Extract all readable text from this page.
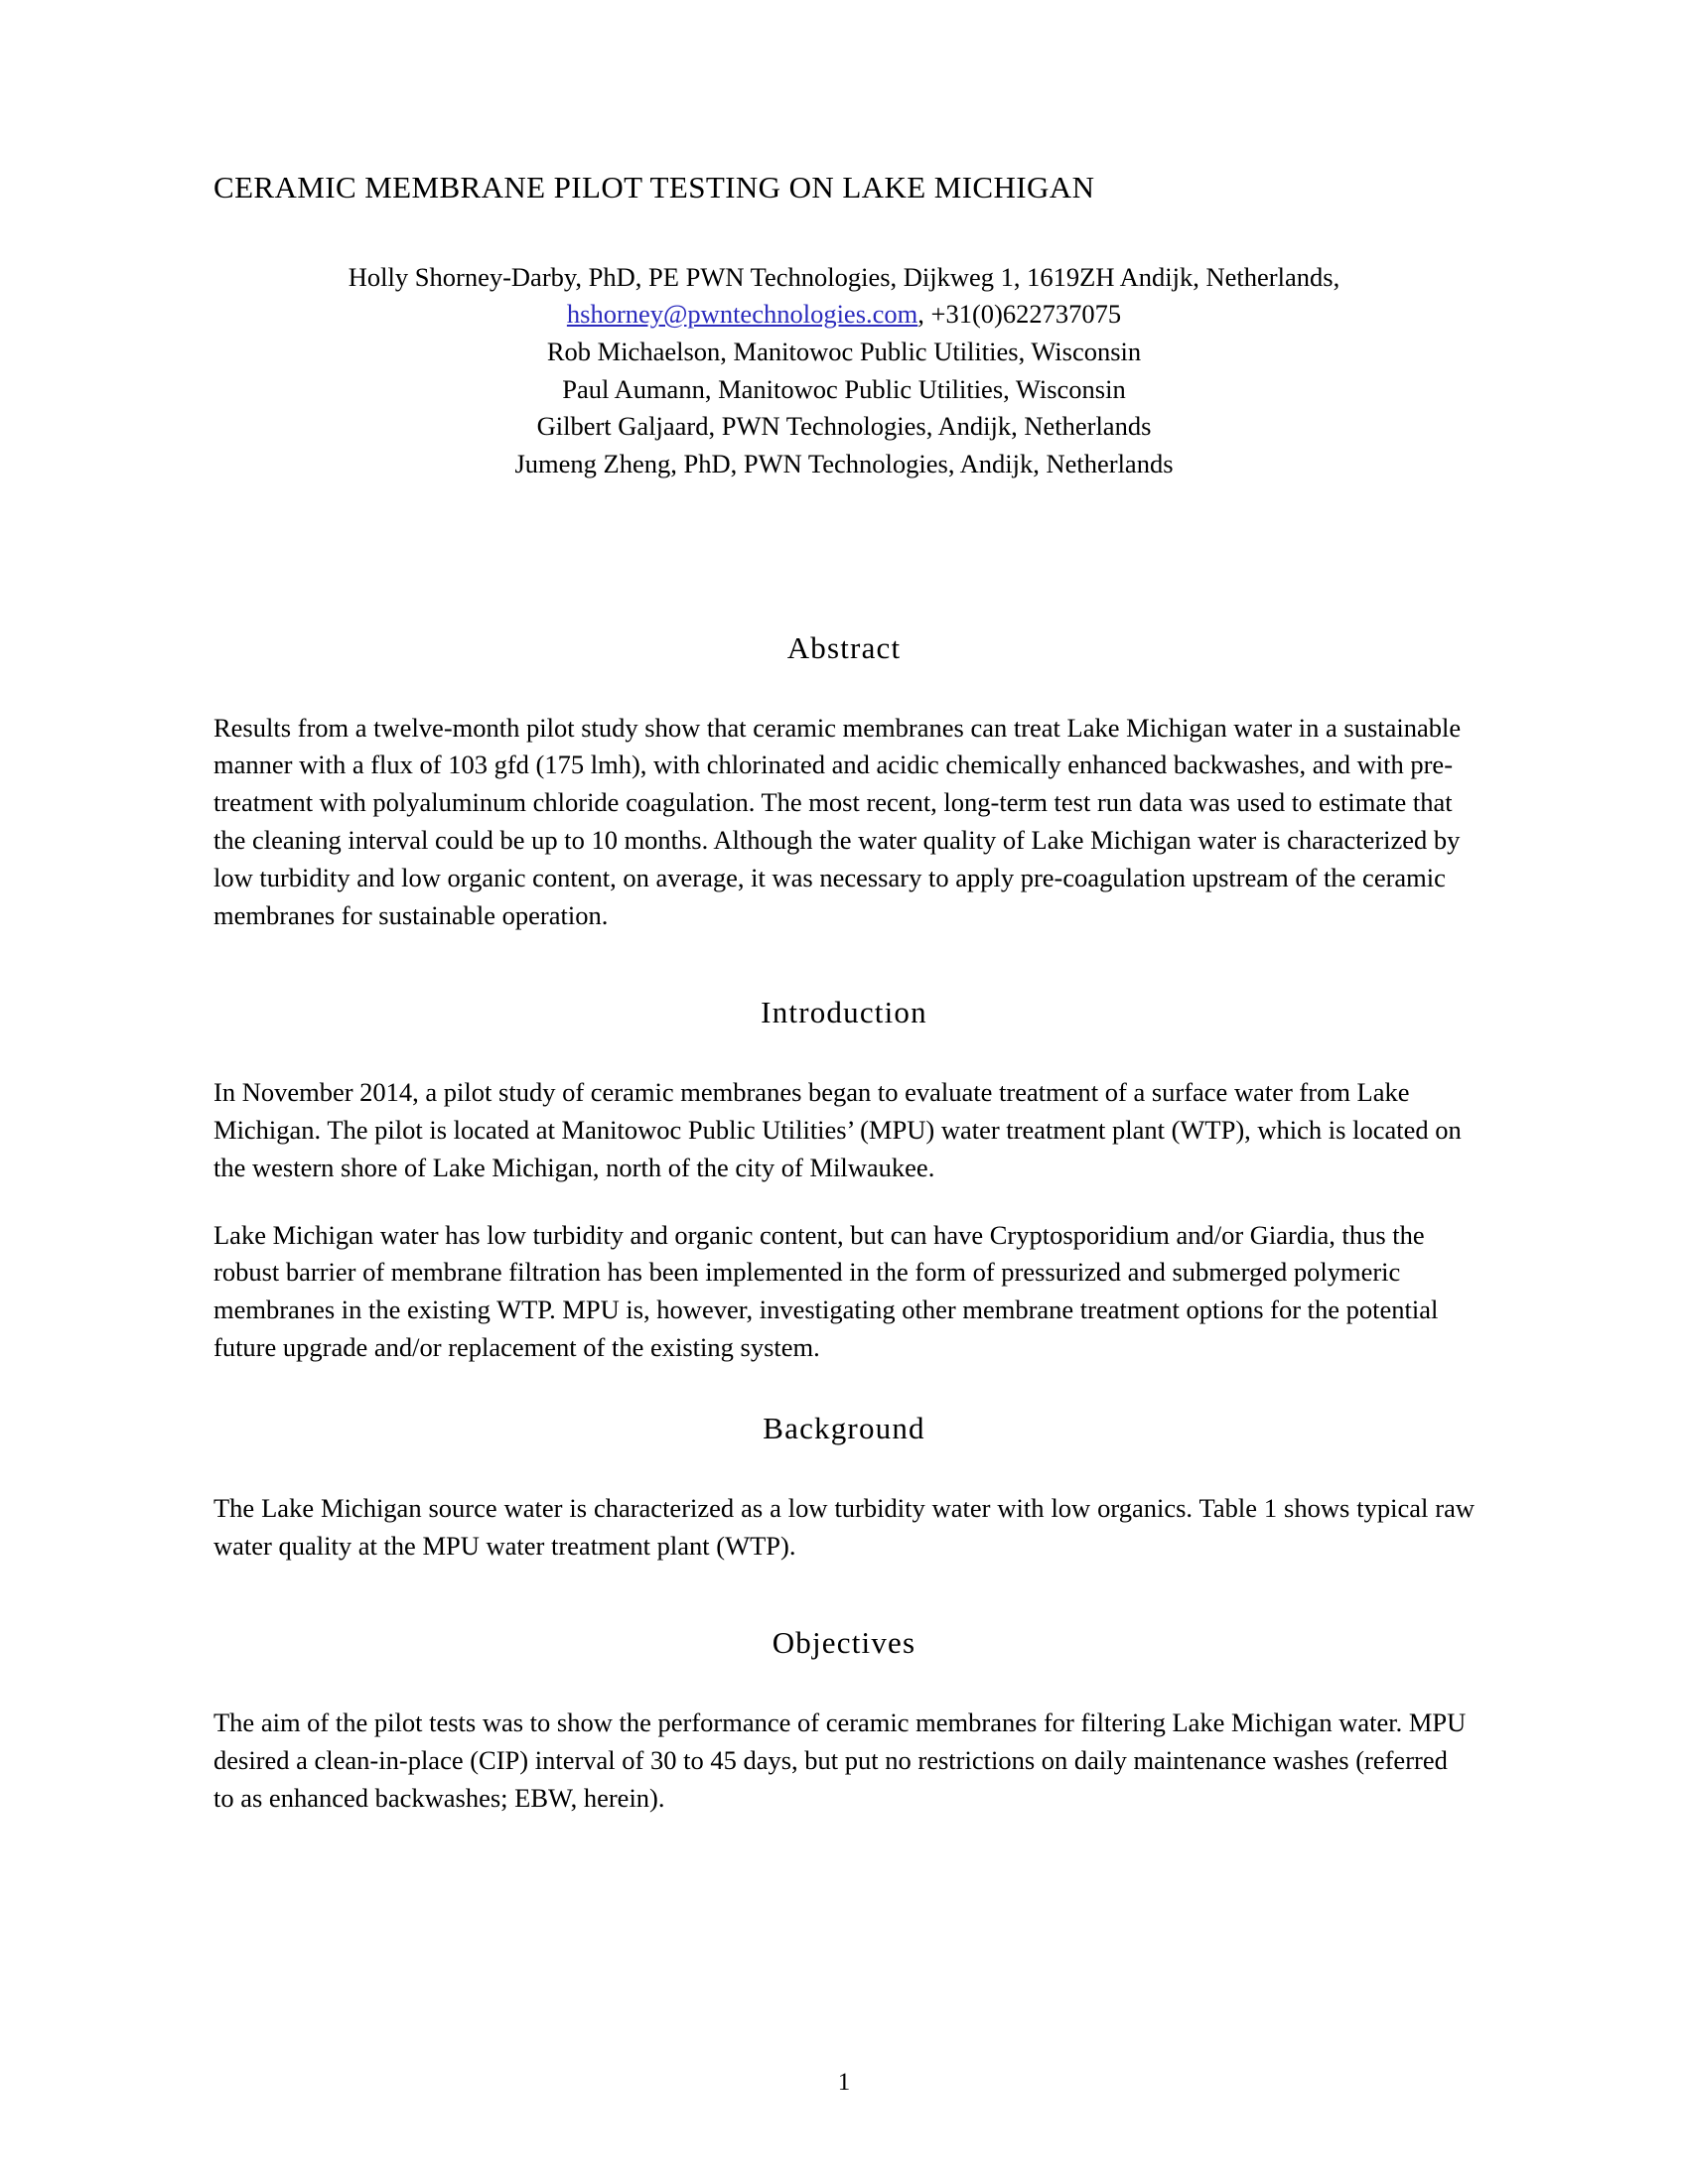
CERAMIC MEMBRANE PILOT TESTING ON LAKE MICHIGAN
Holly Shorney-Darby, PhD, PE PWN Technologies, Dijkweg 1, 1619ZH Andijk, Netherlands,
hshorney@pwntechnologies.com, +31(0)622737075
Rob Michaelson, Manitowoc Public Utilities, Wisconsin
Paul Aumann, Manitowoc Public Utilities, Wisconsin
Gilbert Galjaard, PWN Technologies, Andijk, Netherlands
Jumeng Zheng, PhD, PWN Technologies, Andijk, Netherlands
Abstract

Results from a twelve-month pilot study show that ceramic membranes can treat Lake Michigan water in a sustainable manner with a flux of 103 gfd (175 lmh), with chlorinated and acidic chemically enhanced backwashes, and with pre-treatment with polyaluminum chloride coagulation. The most recent, long-term test run data was used to estimate that the cleaning interval could be up to 10 months. Although the water quality of Lake Michigan water is characterized by low turbidity and low organic content, on average, it was necessary to apply pre-coagulation upstream of the ceramic membranes for sustainable operation.

Introduction

In November 2014, a pilot study of ceramic membranes began to evaluate treatment of a surface water from Lake Michigan. The pilot is located at Manitowoc Public Utilities’ (MPU) water treatment plant (WTP), which is located on the western shore of Lake Michigan, north of the city of Milwaukee.

Lake Michigan water has low turbidity and organic content, but can have Cryptosporidium and/or Giardia, thus the robust barrier of membrane filtration has been implemented in the form of pressurized and submerged polymeric membranes in the existing WTP. MPU is, however, investigating other membrane treatment options for the potential future upgrade and/or replacement of the existing system.

Background

The Lake Michigan source water is characterized as a low turbidity water with low organics. Table 1 shows typical raw water quality at the MPU water treatment plant (WTP).

Objectives

The aim of the pilot tests was to show the performance of ceramic membranes for filtering Lake Michigan water. MPU desired a clean-in-place (CIP) interval of 30 to 45 days, but put no restrictions on daily maintenance washes (referred to as enhanced backwashes; EBW, herein).

1
